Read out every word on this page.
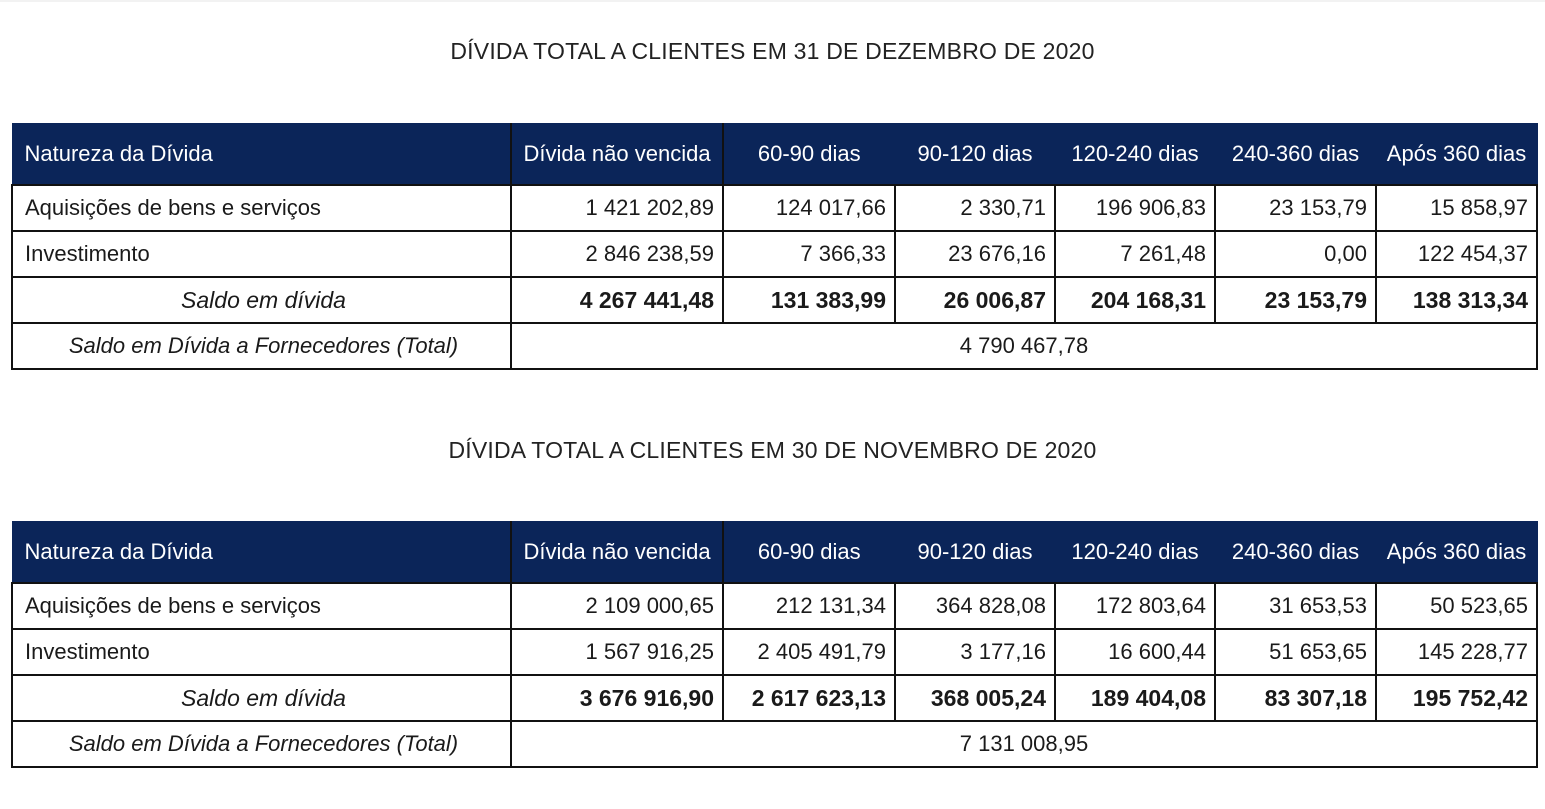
DÍVIDA TOTAL A CLIENTES EM 31 DE DEZEMBRO DE 2020
Natureza da Dívida	Dívida não vencida	60-90 dias	90-120 dias	120-240 dias	240-360 dias	Após 360 dias
Aquisições de bens e serviços	1 421 202,89	124 017,66	2 330,71	196 906,83	23 153,79	15 858,97
Investimento	2 846 238,59	7 366,33	23 676,16	7 261,48	0,00	122 454,37
Saldo em dívida	4 267 441,48	131 383,99	26 006,87	204 168,31	23 153,79	138 313,34
Saldo em Dívida a Fornecedores (Total)	4 790 467,78					
DÍVIDA TOTAL A CLIENTES EM 30 DE NOVEMBRO DE 2020
Natureza da Dívida	Dívida não vencida	60-90 dias	90-120 dias	120-240 dias	240-360 dias	Após 360 dias
Aquisições de bens e serviços	2 109 000,65	212 131,34	364 828,08	172 803,64	31 653,53	50 523,65
Investimento	1 567 916,25	2 405 491,79	3 177,16	16 600,44	51 653,65	145 228,77
Saldo em dívida	3 676 916,90	2 617 623,13	368 005,24	189 404,08	83 307,18	195 752,42
Saldo em Dívida a Fornecedores (Total)	7 131 008,95					
